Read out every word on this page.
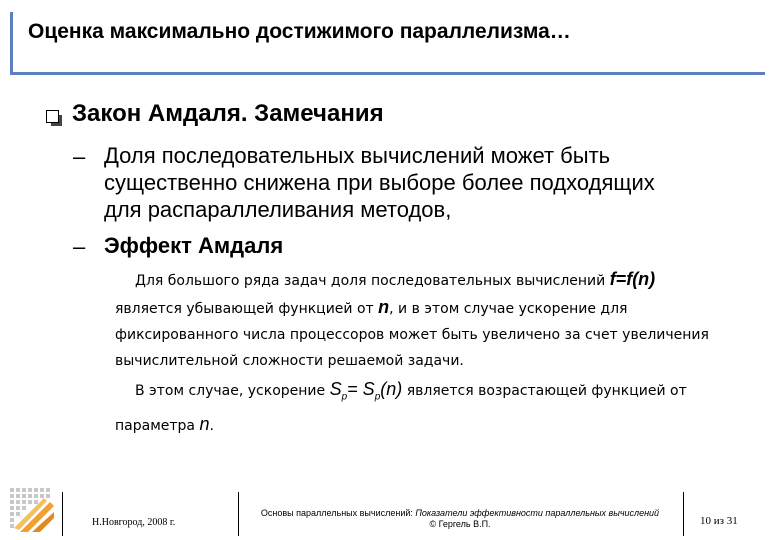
Оценка максимально достижимого параллелизма…
Закон Амдаля. Замечания
– Доля последовательных вычислений может быть
существенно снижена при выборе более подходящих
для распараллеливания методов,
– Эффект Амдаля
Для большого ряда задач доля последовательных вычислений f=f(n)
является убывающей функцией от n, и в этом случае ускорение для
фиксированного числа процессоров может быть увеличено за счет увеличения
вычислительной сложности решаемой задачи.
В этом случае, ускорение $S_p= S_p(n)$ является возрастающей функцией от
параметра n.
Н.Новгород, 2008 г.
Основы параллельных вычислений: Показатели эффективности параллельных вычислений
© Гергель В.П.	10 из 31
